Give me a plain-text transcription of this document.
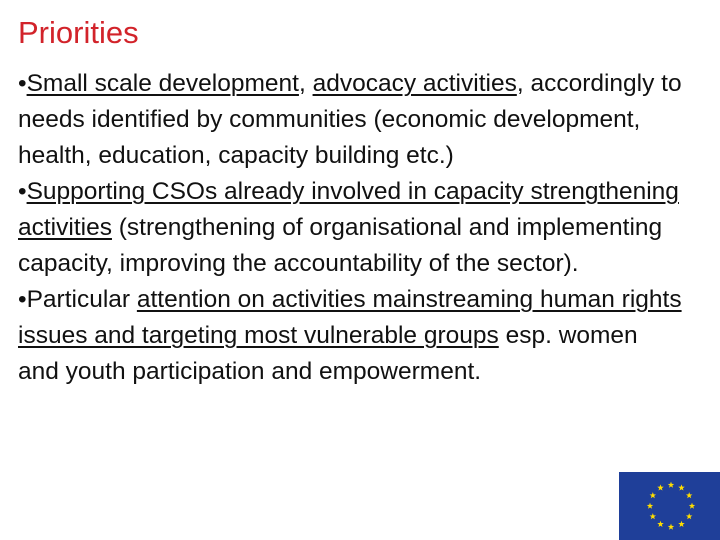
Priorities

•Small scale development, advocacy activities, accordingly to needs identified by communities (economic development, health, education, capacity building etc.)

•Supporting CSOs already involved in capacity strengthening activities (strengthening of organisational and implementing capacity, improving the accountability of the sector).

•Particular attention on activities mainstreaming human rights issues and targeting most vulnerable groups esp. women and youth participation and empowerment.
